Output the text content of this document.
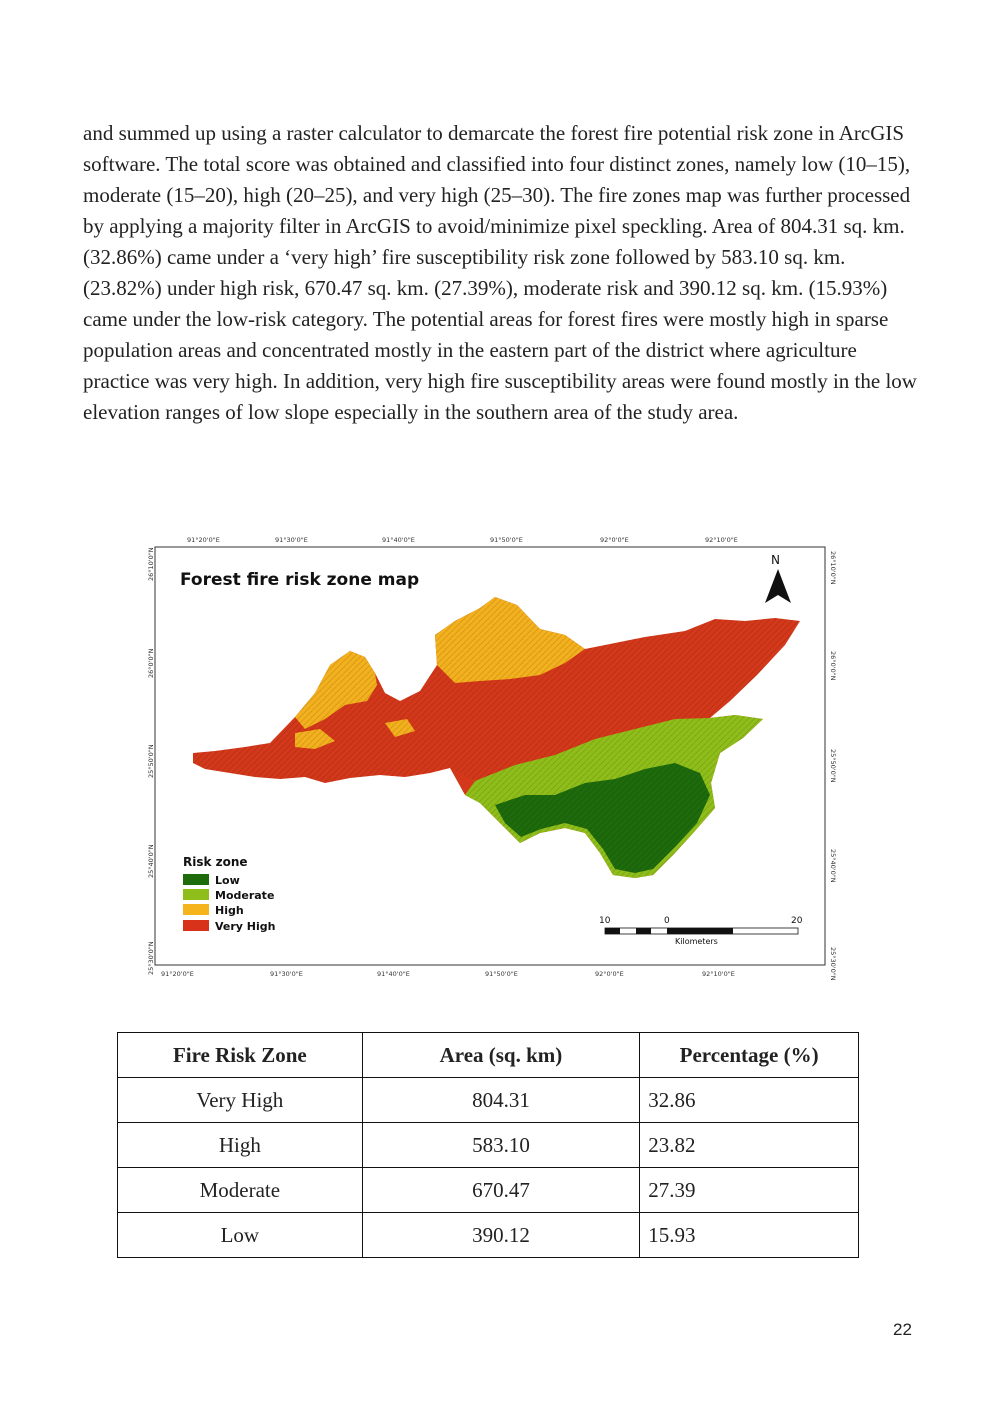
and summed up using a raster calculator to demarcate the forest fire potential risk zone in ArcGIS software. The total score was obtained and classified into four distinct zones, namely low (10–15), moderate (15–20), high (20–25), and very high (25–30). The fire zones map was further processed by applying a majority filter in ArcGIS to avoid/minimize pixel speckling. Area of 804.31 sq. km. (32.86%) came under a ‘very high’ fire susceptibility risk zone followed by 583.10 sq. km. (23.82%) under high risk, 670.47 sq. km. (27.39%), moderate risk and 390.12 sq. km. (15.93%) came under the low-risk category. The potential areas for forest fires were mostly high in sparse population areas and concentrated mostly in the eastern part of the district where agriculture practice was very high. In addition, very high fire susceptibility areas were found mostly in the low elevation ranges of low slope especially in the southern area of the study area.

91°20'0"E	91°30'0"E	91°40'0"E	91°50'0"E	92°0'0"E	92°10'0"E
91°20'0"E	91°30'0"E	91°40'0"E	91°50'0"E	92°0'0"E	92°10'0"E
26°10'0"N
26°0'0"N
25°50'0"N
25°40'0"N
25°30'0"N
26°10'0"N
26°0'0"N
25°50'0"N
25°40'0"N
25°30'0"N
Forest fire risk zone map
N
Risk zone
Low
Moderate
High
Very High	10	0	20
Kilometers
Fire Risk Zone	Area (sq. km)	Percentage (%)
Very High	804.31	32.86
High	583.10	23.82
Moderate	670.47	27.39
Low	390.12	15.93
22
